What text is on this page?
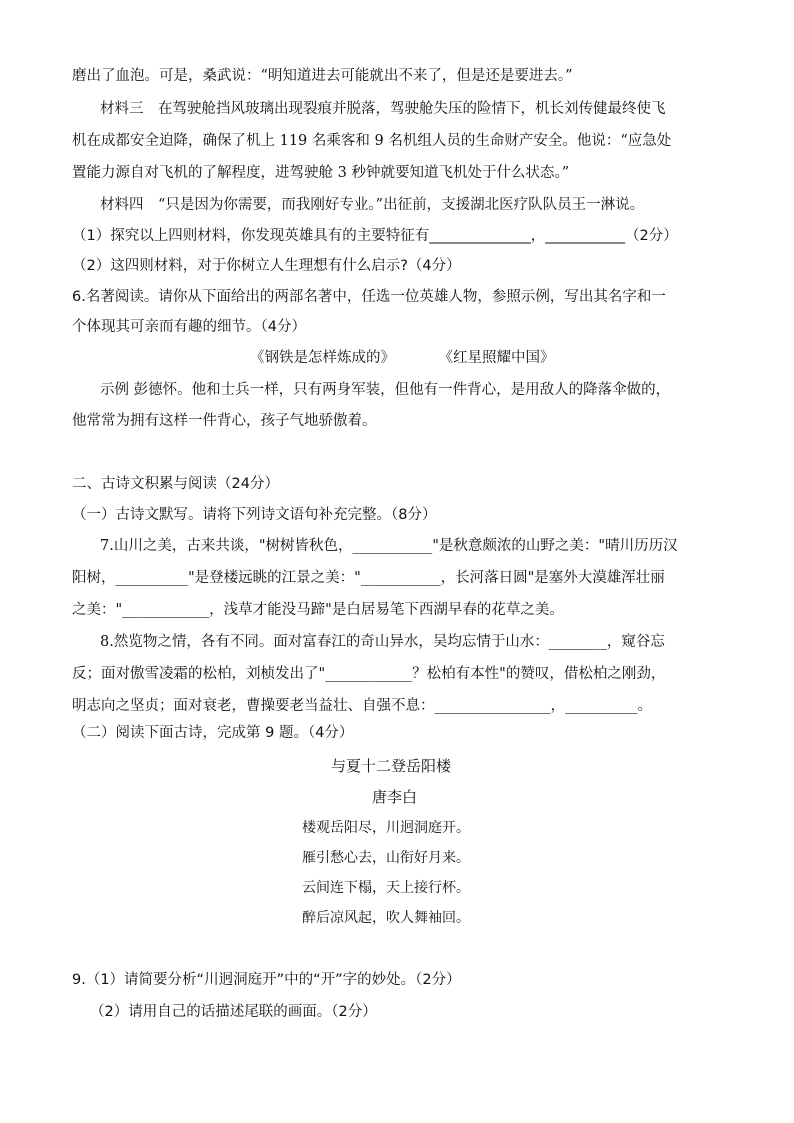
磨出了血泡。可是，桑武说：“明知道进去可能就出不来了，但是还是要进去。”
材料三　在驾驶舱挡风玻璃出现裂痕并脱落，驾驶舱失压的险情下，机长刘传健最终使飞
机在成都安全迫降，确保了机上 119 名乘客和 9 名机组人员的生命财产安全。他说：“应急处
置能力源自对飞机的了解程度，进驾驶舱 3 秒钟就要知道飞机处于什么状态。”
材料四　“只是因为你需要，而我刚好专业。”出征前，支援湖北医疗队队员王一淋说。
（1）探究以上四则材料，你发现英雄具有的主要特征有______________，___________（2分）
（2）这四则材料，对于你树立人生理想有什么启示?（4分）
6.名著阅读。请你从下面给出的两部名著中，任选一位英雄人物，参照示例，写出其名字和一
个体现其可亲而有趣的细节。（4分）
《钢铁是怎样炼成的》　　　　《红星照耀中国》
示例 彭德怀。他和士兵一样，只有两身军装，但他有一件背心，是用敌人的降落伞做的，
他常常为拥有这样一件背心，孩子气地骄傲着。
二、古诗文积累与阅读（24分）
（一）古诗文默写。请将下列诗文语句补充完整。（8分）
7.山川之美，古来共谈，"树树皆秋色，___________"是秋意颇浓的山野之美："晴川历历汉
阳树，__________"是登楼远眺的江景之美："___________，长河落日圆"是塞外大漠雄浑壮丽
之美："____________，浅草才能没马蹄"是白居易笔下西湖早春的花草之美。
8.然览物之情，各有不同。面对富春江的奇山异水，吴均忘情于山水：________，窥谷忘
反；面对傲雪凌霜的松柏，刘桢发出了"____________？松柏有本性"的赞叹，借松柏之刚劲，
明志向之坚贞；面对衰老，曹操要老当益壮、自强不息：________________，__________。
（二）阅读下面古诗，完成第 9 题。（4分）
与夏十二登岳阳楼
唐李白
楼观岳阳尽，川迥洞庭开。
雁引愁心去，山衔好月来。
云间连下榻，天上接行杯。
醉后凉风起，吹人舞袖回。
9.（1）请简要分析“川迥洞庭开”中的“开”字的妙处。（2分）
（2）请用自己的话描述尾联的画面。（2分）
